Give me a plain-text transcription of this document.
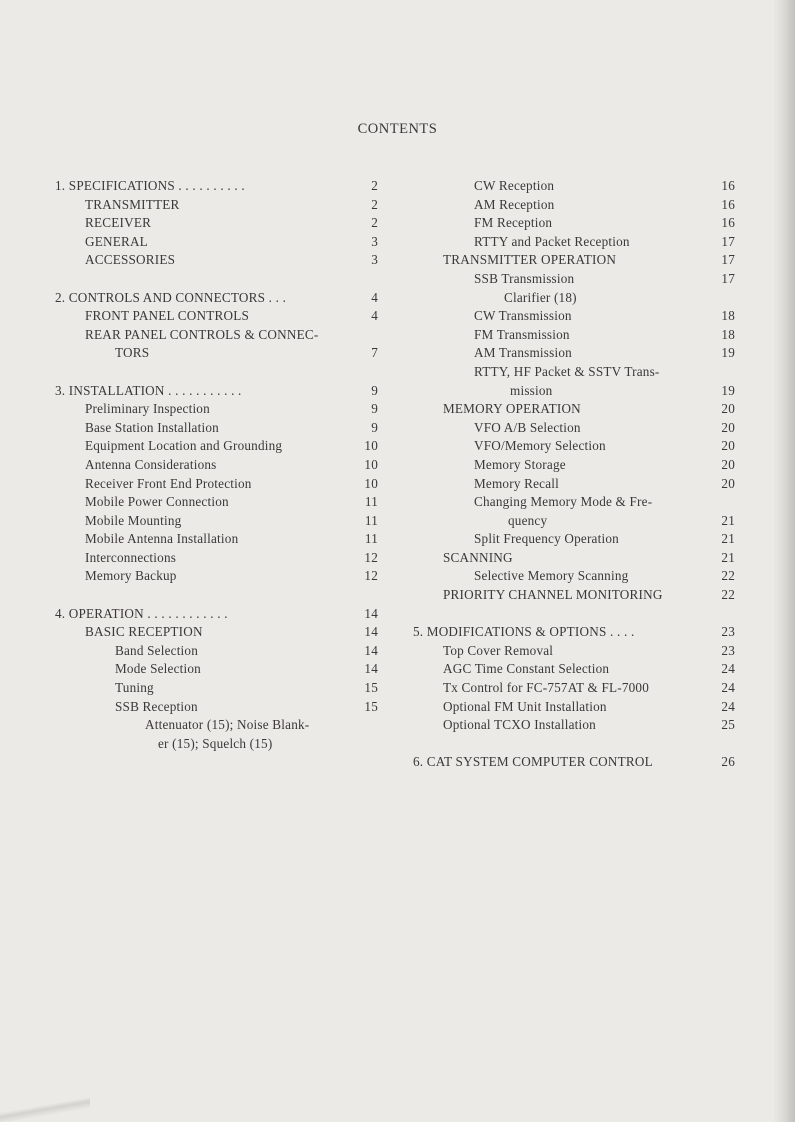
CONTENTS
1. SPECIFICATIONS . . . . . . . . . .	2
TRANSMITTER	2
RECEIVER	2
GENERAL	3
ACCESSORIES	3
2. CONTROLS AND CONNECTORS . . .	4
FRONT PANEL CONTROLS	4
REAR PANEL CONTROLS & CONNEC-
TORS	7
3. INSTALLATION . . . . . . . . . . .	9
Preliminary Inspection	9
Base Station Installation	9
Equipment Location and Grounding	10
Antenna Considerations	10
Receiver Front End Protection	10
Mobile Power Connection	11
Mobile Mounting	11
Mobile Antenna Installation	11
Interconnections	12
Memory Backup	12
4. OPERATION . . . . . . . . . . . .	14
BASIC RECEPTION	14
Band Selection	14
Mode Selection	14
Tuning	15
SSB Reception	15
Attenuator (15); Noise Blank-
er (15); Squelch (15)
CW Reception	16
AM Reception	16
FM Reception	16
RTTY and Packet Reception	17
TRANSMITTER OPERATION	17
SSB Transmission	17
Clarifier (18)
CW Transmission	18
FM Transmission	18
AM Transmission	19
RTTY, HF Packet & SSTV Trans-
mission	19
MEMORY OPERATION	20
VFO A/B Selection	20
VFO/Memory Selection	20
Memory Storage	20
Memory Recall	20
Changing Memory Mode & Fre-
quency	21
Split Frequency Operation	21
SCANNING	21
Selective Memory Scanning	22
PRIORITY CHANNEL MONITORING	22
5. MODIFICATIONS & OPTIONS . . . .	23
Top Cover Removal	23
AGC Time Constant Selection	24
Tx Control for FC-757AT & FL-7000	24
Optional FM Unit Installation	24
Optional TCXO Installation	25
6. CAT SYSTEM COMPUTER CONTROL	26
